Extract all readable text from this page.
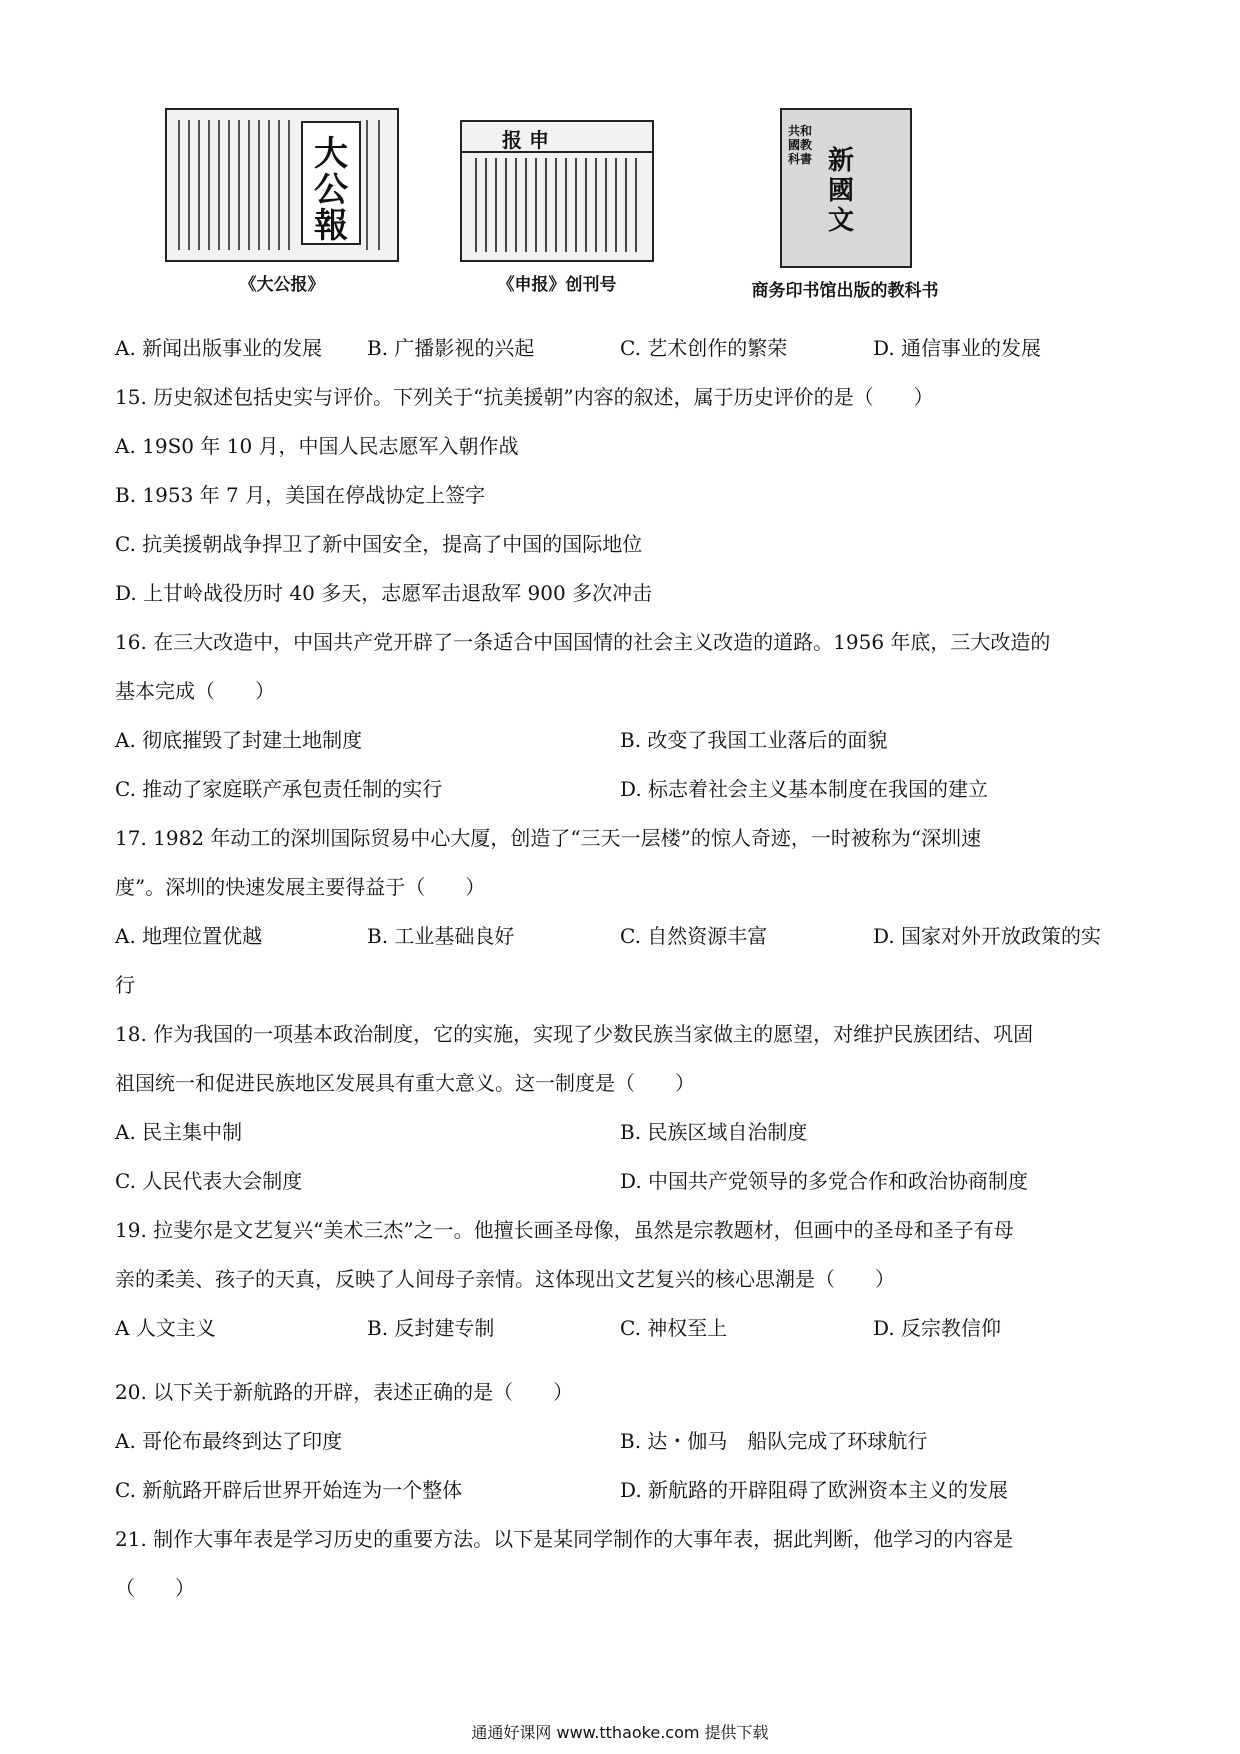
大公報
《大公报》
报 申
《申报》创刊号
共和國教科書 新國文
商务印书馆出版的教科书
A. 新闻出版事业的发展 B. 广播影视的兴起	C. 艺术创作的繁荣	D. 通信事业的发展
15. 历史叙述包括史实与评价。下列关于“抗美援朝”内容的叙述，属于历史评价的是（　　）
A. 19S0 年 10 月，中国人民志愿军入朝作战
B. 1953 年 7 月，美国在停战协定上签字
C. 抗美援朝战争捍卫了新中国安全，提高了中国的国际地位
D. 上甘岭战役历时 40 多天，志愿军击退敌军 900 多次冲击
16. 在三大改造中，中国共产党开辟了一条适合中国国情的社会主义改造的道路。1956 年底，三大改造的
基本完成（　　）
A. 彻底摧毁了封建土地制度	B. 改变了我国工业落后的面貌
C. 推动了家庭联产承包责任制的实行	D. 标志着社会主义基本制度在我国的建立
17. 1982 年动工的深圳国际贸易中心大厦，创造了“三天一层楼”的惊人奇迹，一时被称为“深圳速
度”。深圳的快速发展主要得益于（　　）
A. 地理位置优越	B. 工业基础良好	C. 自然资源丰富	D. 国家对外开放政策的实
行
18. 作为我国的一项基本政治制度，它的实施，实现了少数民族当家做主的愿望，对维护民族团结、巩固
祖国统一和促进民族地区发展具有重大意义。这一制度是（　　）
A. 民主集中制	B. 民族区域自治制度
C. 人民代表大会制度	D. 中国共产党领导的多党合作和政治协商制度
19. 拉斐尔是文艺复兴“美术三杰”之一。他擅长画圣母像，虽然是宗教题材，但画中的圣母和圣子有母
亲的柔美、孩子的天真，反映了人间母子亲情。这体现出文艺复兴的核心思潮是（　　）
A 人文主义	B. 反封建专制	C. 神权至上	D. 反宗教信仰
20. 以下关于新航路的开辟，表述正确的是（　　）
A. 哥伦布最终到达了印度	B. 达・伽马　船队完成了环球航行
C. 新航路开辟后世界开始连为一个整体	D. 新航路的开辟阻碍了欧洲资本主义的发展
21. 制作大事年表是学习历史的重要方法。以下是某同学制作的大事年表，据此判断，他学习的内容是
（　　）
通通好课网 www.tthaoke.com 提供下载
